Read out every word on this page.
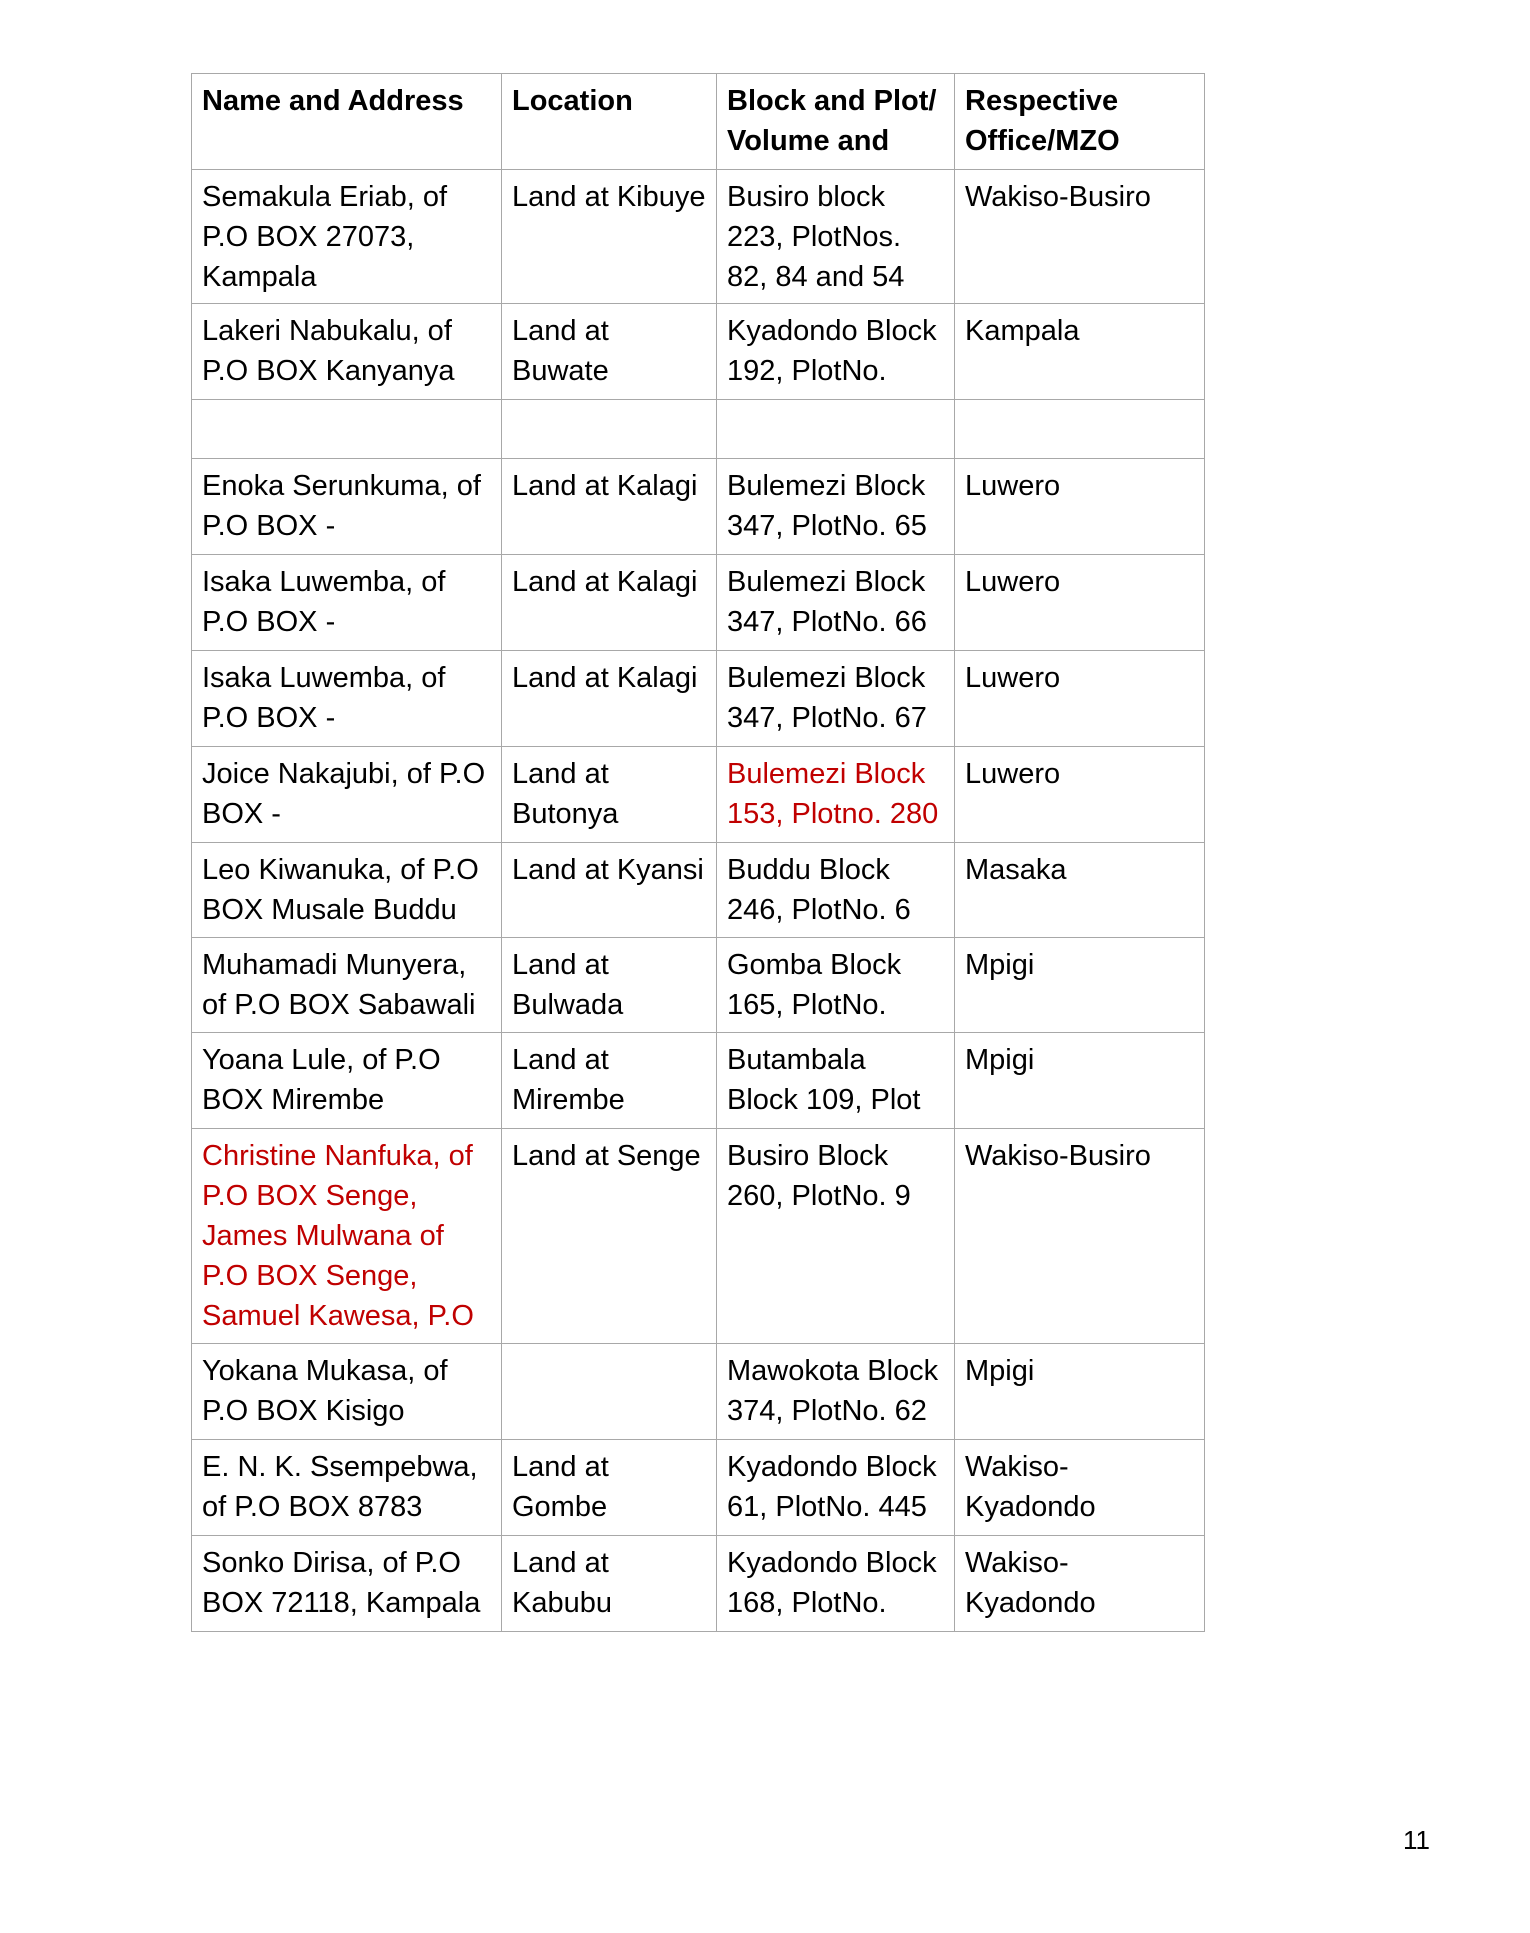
Name and Address	Location	Block and Plot/ Volume and	Respective Office/MZO

Semakula Eriab, of P.O BOX 27073, Kampala	Land at Kibuye	Busiro block 223, PlotNos. 82, 84 and 54	Wakiso-Busiro

Lakeri Nabukalu, of P.O BOX Kanyanya	Land at Buwate	Kyadondo Block 192, PlotNo.	Kampala

Enoka Serunkuma, of P.O BOX -	Land at Kalagi	Bulemezi Block 347, PlotNo. 65	Luwero

Isaka Luwemba, of P.O BOX -	Land at Kalagi	Bulemezi Block 347, PlotNo. 66	Luwero

Isaka Luwemba, of P.O BOX -	Land at Kalagi	Bulemezi Block 347, PlotNo. 67	Luwero

Joice Nakajubi, of P.O BOX -	Land at Butonya	Bulemezi Block 153, Plotno. 280	Luwero

Leo Kiwanuka, of P.O BOX Musale Buddu	Land at Kyansi	Buddu Block 246, PlotNo. 6	Masaka

Muhamadi Munyera, of P.O BOX Sabawali	Land at Bulwada	Gomba Block 165, PlotNo.	Mpigi

Yoana Lule, of P.O BOX Mirembe	Land at Mirembe	Butambala Block 109, Plot	Mpigi

Christine Nanfuka, of P.O BOX Senge, James Mulwana of P.O BOX Senge, Samuel Kawesa, P.O	Land at Senge	Busiro Block 260, PlotNo. 9	Wakiso-Busiro

Yokana Mukasa, of P.O BOX Kisigo		Mawokota Block 374, PlotNo. 62	Mpigi

E. N. K. Ssempebwa, of P.O BOX 8783	Land at Gombe	Kyadondo Block 61, PlotNo. 445	Wakiso-Kyadondo

Sonko Dirisa, of P.O BOX 72118, Kampala	Land at Kabubu	Kyadondo Block 168, PlotNo.	Wakiso-Kyadondo
11
